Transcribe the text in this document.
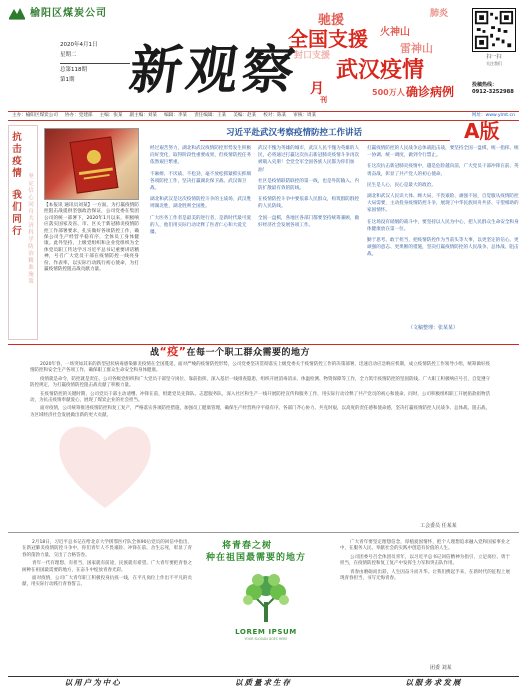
榆阳区煤炭公司
2020年4月1日
星期二
总第118期
第1期 新观察
驰援
全国支援
武汉疫情
火神山
雷神山
确诊病例
500万人
封口支援
肺炎
月
刊
扫一扫
关注我们
投稿热线：
0912-3252988
主办：榆阳区煤炭公司 协办：党建部 主编：张某 副主编：刘某 编辑：李某 责任编辑：王某 美编：赵某 校对：陈某 审核：周某	网址：www.ylmt.cn
抗击疫情
我们同行
坚定信心同舟共济科学防治精准施策
【本报讯 通讯员刘某】一方面，为打赢疫情防控阻击战提供坚强政治保证，公司党委在集团公司的统一部署下，2020年1月以来，积极响应落实国家及省、市、区关于新冠肺炎疫情防控工作部署要求，扎实做好各项防控工作，确保公司生产经营平稳有序，全体员工身体健康。此外坚持，上级党组织和企业党组织为全体党员职工传达学习习近平总书记重要讲话精神，号召广大党员干部在疫情防控一线亮身份、作表率，以实际行动践行初心使命，为打赢疫情防控阻击战贡献力量。
习近平赴武汉考察疫情防控工作讲话	A版

经过艰苦努力，湖北和武汉疫情防控形势发生积极向好变化，取得阶段性重要成果，但疫情防控任务依然艰巨繁重。

不麻痹、不厌战、不松劲，毫不放松抓紧抓实抓细各项防控工作，坚决打赢湖北保卫战、武汉保卫战。

湖北和武汉是这次疫情防控斗争的主战场，武汉胜则湖北胜，湖北胜则全国胜。

广大医务工作者是最美的逆行者，是新时代最可爱的人，他们用实际行动诠释了医者仁心和大爱无疆。

武汉不愧为英雄的城市，武汉人民不愧为英雄的人民，必将通过打赢这次抗击新冠肺炎疫情斗争再次被载入史册！全党全军全国各族人民都为你们加油！

社区是疫情联防联控的第一线，也是外防输入、内防扩散最有效的防线。

在疫情防控斗争中要依靠人民群众，构筑群防群控的人民防线。

全国一盘棋，各地区各部门都要坚持统筹兼顾，做好经济社会发展各项工作。

打赢疫情防控的人民战争总体战阻击战，要坚持全国一盘棋，统一指挥、统一协调、统一调度，做到令行禁止。

在这次抗击新冠肺炎疫情中，越是危险越向前，广大党员干部冲锋在前、英勇奋战，彰显了共产党人的初心使命。

民生是人心，民心是最大的政治。

湖北和武汉人民识大体、顾大局，不畏艰险、顽强不屈，自觉服从疫情防控大局需要，主动投身疫情防控斗争，展现了中华民族同舟共济、守望相助的家国情怀。

在这场没有硝烟的战斗中，要坚持以人民为中心，把人民群众生命安全和身体健康放在第一位。

勤于思考、敢于担当，把疫情防控作为当前头等大事，以更坚定的信心、更顽强的意志、更果断的措施，坚决打赢疫情防控的人民战争、总体战、阻击战。

（文稿整理：张某某）
战“疫”在每一个职工群众需要的地方

2020年春，一场突如其来的新型冠状病毒感染肺炎疫情在全国蔓延，面对严峻的疫情防控形势，公司党委坚决贯彻落实上级党委关于疫情防控工作的决策部署，迅速启动应急响应机制，成立疫情防控工作领导小组，统筹做好疫情防控和安全生产各项工作，确保职工群众生命安全和身体健康。

疫情就是命令，防控就是责任。公司各级党组织和广大党员干部坚守岗位、靠前指挥，深入基层一线排查隐患，组织开展消毒消杀、体温检测、物资保障等工作，全力筑牢疫情防控的坚固防线。广大职工积极响应号召，自觉遵守防控规定，为打赢疫情防控阻击战贡献了积极力量。

在疫情防控的关键时期，公司党员干部主动请缨、冲锋在前，组建党员先锋队、志愿服务队，深入社区和生产一线开展防控宣传和服务工作，用实际行动诠释了共产党员的初心和使命。同时，公司积极组织职工开展捐款捐物活动，为抗击疫情奉献爱心，展现了煤炭企业的社会担当。

面对疫情，公司统筹推进疫情防控和复工复产，严格落实各项防控措施，加强员工健康管理，确保生产经营秩序平稳有序。各部门齐心协力、共克时艰，以高度的责任感和使命感，坚决打赢疫情防控人民战争、总体战、阻击战，为区域经济社会发展做出新的更大贡献。

工会委员 任某某

2月18日，习近平总书记在给北京大学援鄂医疗队全体90后党员的回信中指出，在新冠肺炎疫情防控斗争中，你们青年人不畏艰险、冲锋在前、舍生忘死，彰显了青春的蓬勃力量，交出了合格答卷。

青年一代有理想、有担当，国家就有前途，民族就有希望。广大青年要把青春之树种在祖国最需要的地方，在奋斗中绽放青春光彩。

面对疫情，公司广大青年职工积极投身抗疫一线，在平凡岗位上作出不平凡的贡献，用实际行动践行青春誓言。

将青春之树
种在祖国最需要的地方
LOREM IPSUM
YOUR SLOGAN GOES HERE

广大青年要坚定理想信念，厚植爱国情怀，把个人理想追求融入党和国家事业之中，在服务人民、奉献社会的实践中创造有价值的人生。

公司团委号召全体团员青年，以习近平总书记回信精神为指引，立足岗位、勇于担当，在疫情防控和复工复产中发挥生力军和突击队作用。

青春由磨砺而出彩，人生因奋斗而升华。让我们携起手来，在新时代的征程上展现青春担当，书写无悔青春。

团委 刘某
以用户为中心	以质量求生存	以服务求发展
